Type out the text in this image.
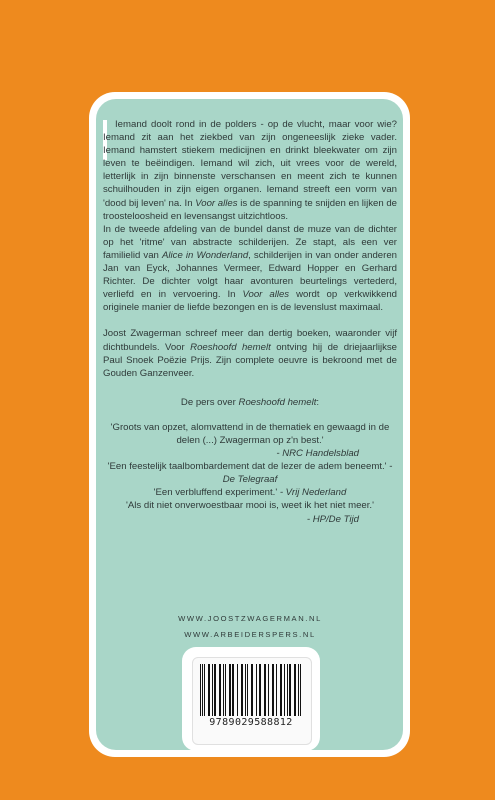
Iemand doolt rond in de polders - op de vlucht, maar voor wie? Iemand zit aan het ziekbed van zijn ongeneeslijk zieke vader. Iemand hamstert stiekem medicijnen en drinkt bleekwater om zijn leven te beëindigen. Iemand wil zich, uit vrees voor de wereld, letterlijk in zijn binnenste verschansen en meent zich te kunnen schuilhouden in zijn eigen organen. Iemand streeft een vorm van 'dood bij leven' na. In Voor alles is de spanning te snijden en lijken de troosteloosheid en levensangst uitzichtloos.

In de tweede afdeling van de bundel danst de muze van de dichter op het 'ritme' van abstracte schilderijen. Ze stapt, als een ver familielid van Alice in Wonderland, schilderijen in van onder anderen Jan van Eyck, Johannes Vermeer, Edward Hopper en Gerhard Richter. De dichter volgt haar avonturen beurtelings vertederd, verliefd en in vervoering. In Voor alles wordt op verkwikkend originele manier de liefde bezongen en is de levenslust maximaal.

Joost Zwagerman schreef meer dan dertig boeken, waaronder vijf dichtbundels. Voor Roeshoofd hemelt ontving hij de driejaarlijkse Paul Snoek Poëzie Prijs. Zijn complete oeuvre is bekroond met de Gouden Ganzenveer.

De pers over Roeshoofd hemelt:

'Groots van opzet, alomvattend in de thematiek en gewaagd in de delen (...) Zwagerman op z'n best.'

- NRC Handelsblad

'Een feestelijk taalbombardement dat de lezer de adem beneemt.' - De Telegraaf

'Een verbluffend experiment.' - Vrij Nederland

'Als dit niet onverwoestbaar mooi is, weet ik het niet meer.'

- HP/De Tijd

WWW.JOOSTZWAGERMAN.NL
WWW.ARBEIDERSPERS.NL
9789029588812
